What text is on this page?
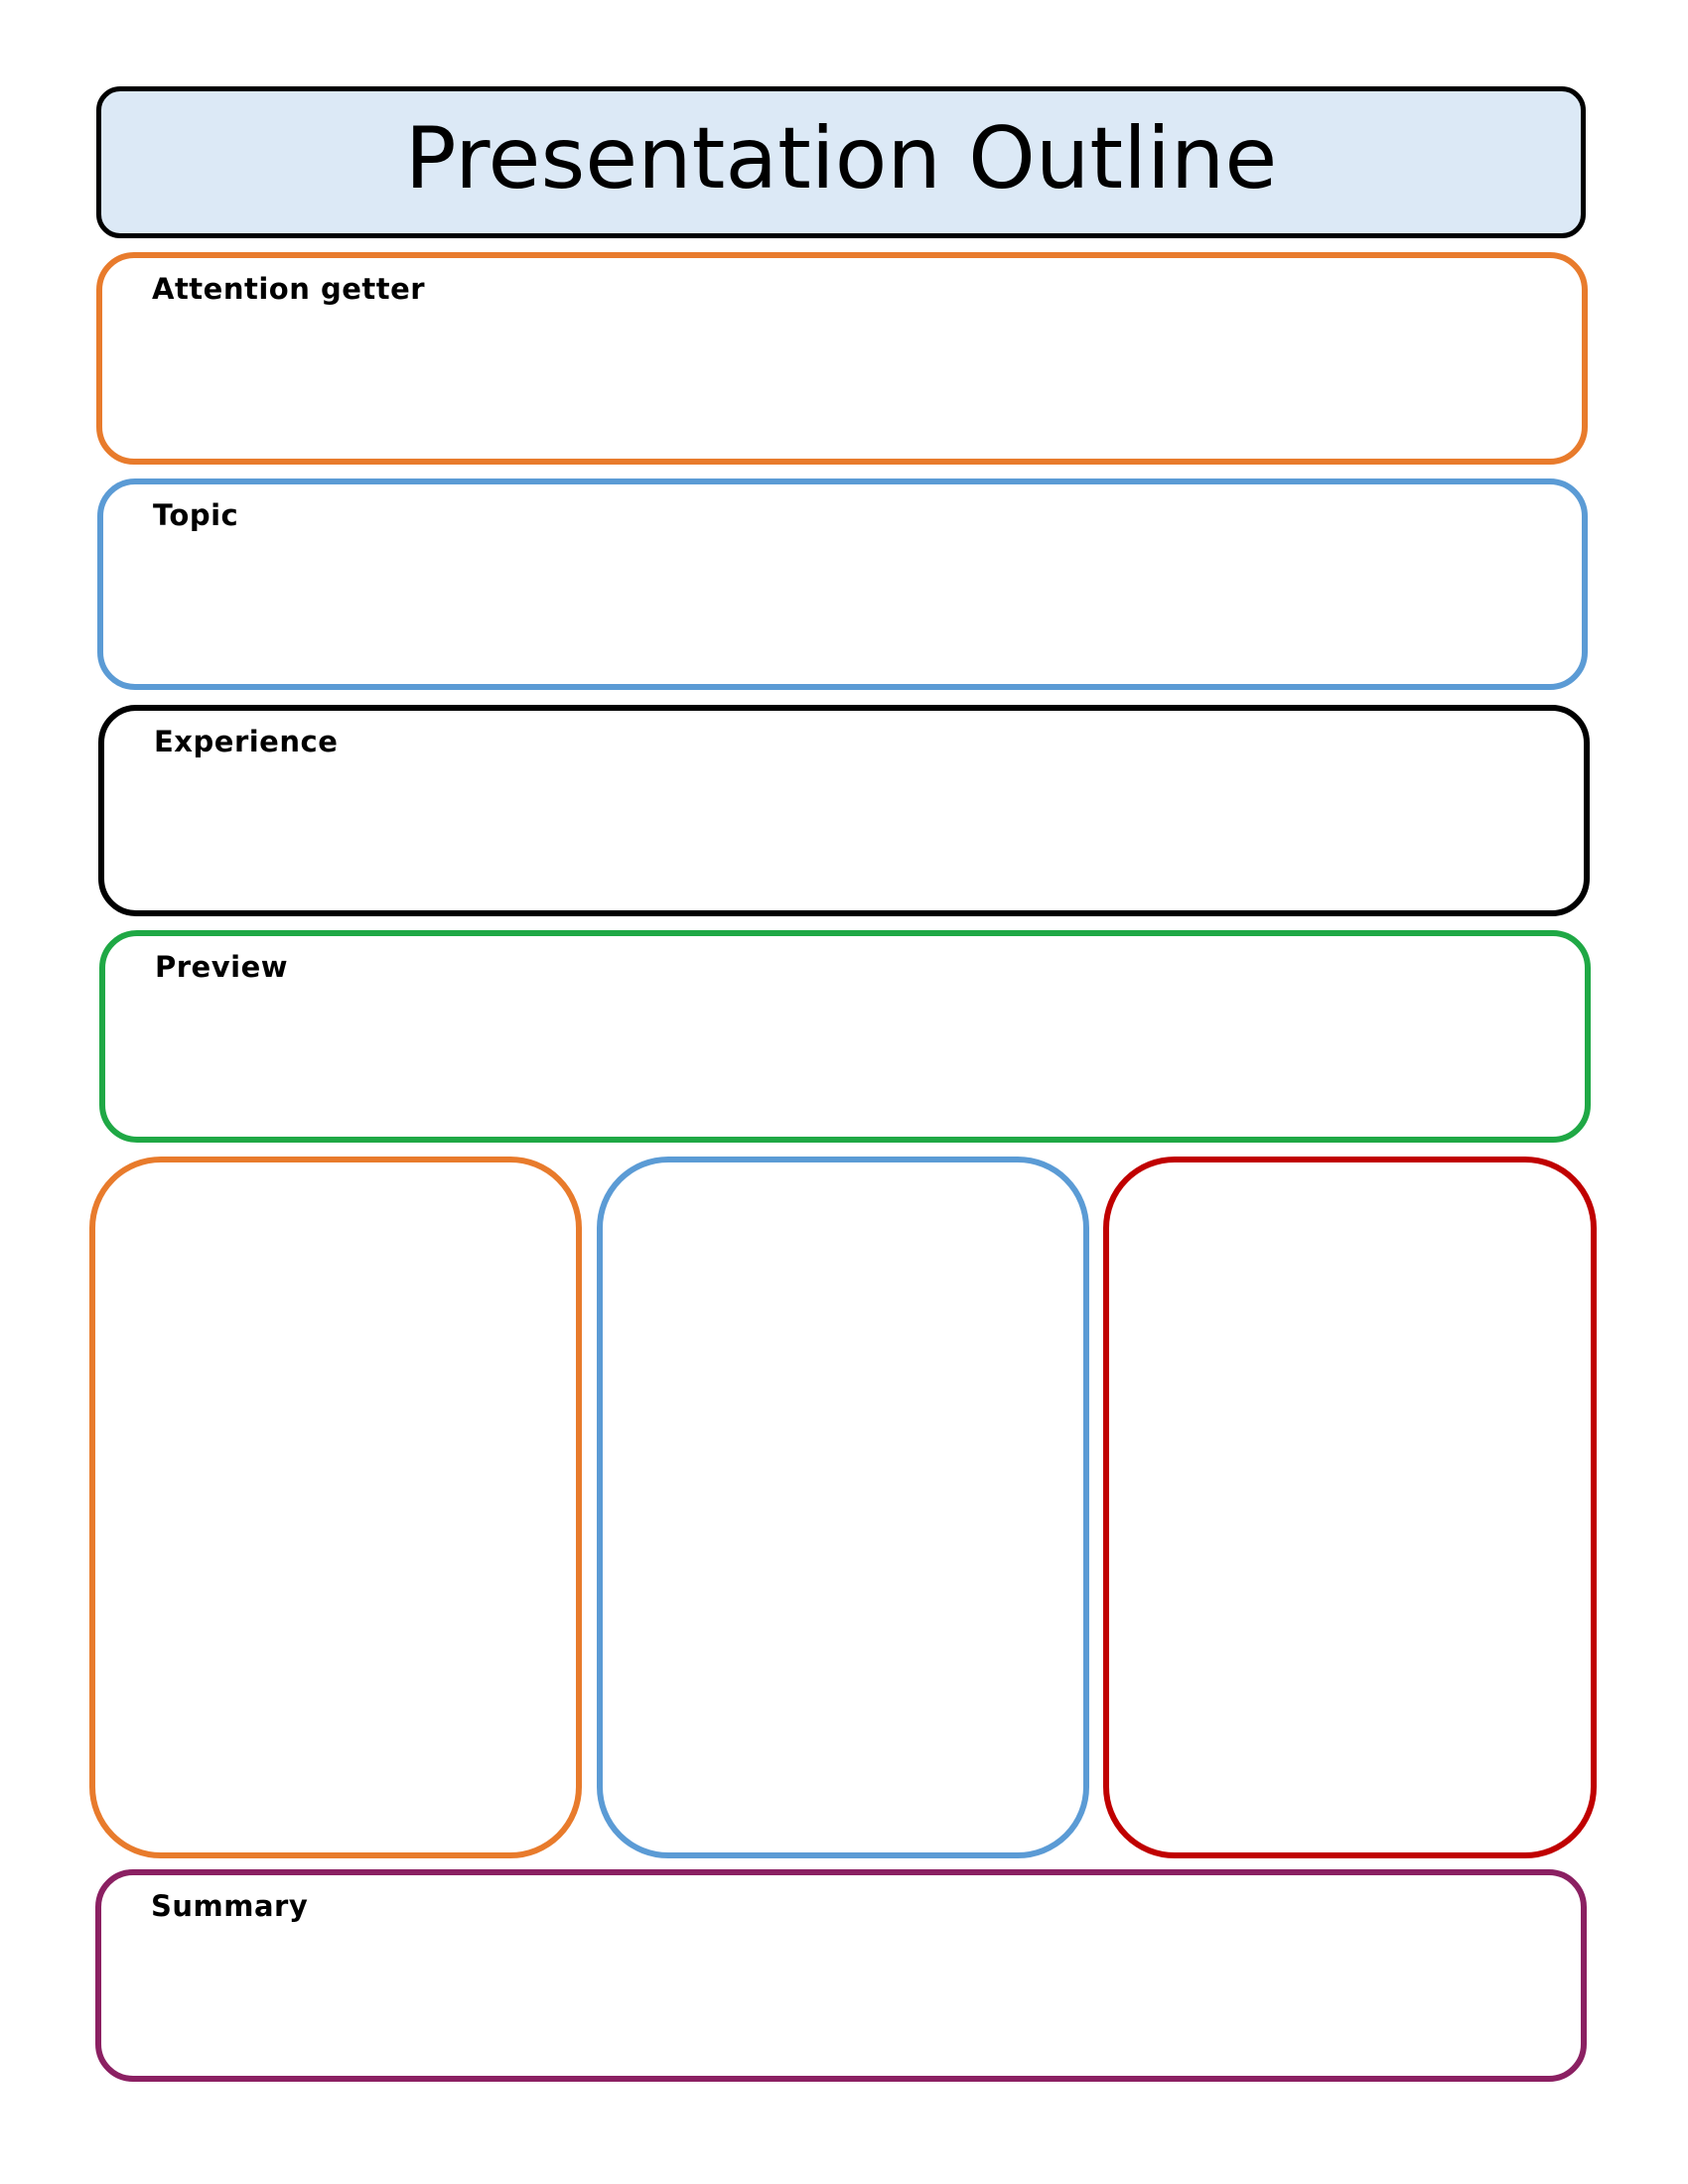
Presentation Outline
Attention getter
Topic
Experience
Preview
Summary
